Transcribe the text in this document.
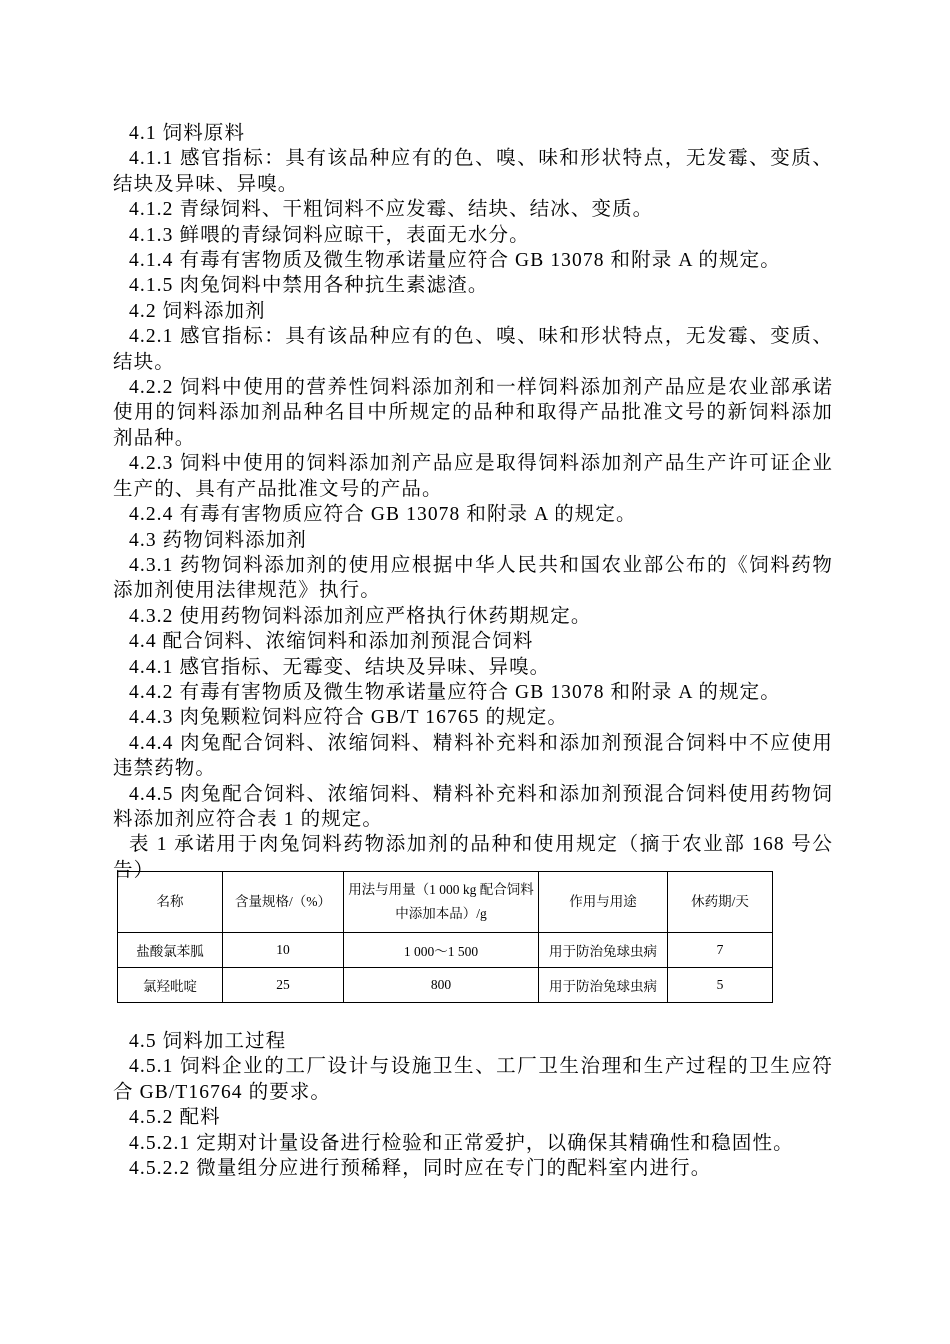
4.1 饲料原料

4.1.1 感官指标：具有该品种应有的色、嗅、味和形状特点，无发霉、变质、结块及异味、异嗅。

4.1.2 青绿饲料、干粗饲料不应发霉、结块、结冰、变质。

4.1.3 鲜喂的青绿饲料应晾干，表面无水分。

4.1.4 有毒有害物质及微生物承诺量应符合 GB 13078 和附录 A 的规定。

4.1.5 肉兔饲料中禁用各种抗生素滤渣。

4.2 饲料添加剂

4.2.1 感官指标：具有该品种应有的色、嗅、味和形状特点，无发霉、变质、结块。

4.2.2 饲料中使用的营养性饲料添加剂和一样饲料添加剂产品应是农业部承诺使用的饲料添加剂品种名目中所规定的品种和取得产品批准文号的新饲料添加剂品种。

4.2.3 饲料中使用的饲料添加剂产品应是取得饲料添加剂产品生产许可证企业生产的、具有产品批准文号的产品。

4.2.4 有毒有害物质应符合 GB 13078 和附录 A 的规定。

4.3 药物饲料添加剂

4.3.1 药物饲料添加剂的使用应根据中华人民共和国农业部公布的《饲料药物添加剂使用法律规范》执行。

4.3.2 使用药物饲料添加剂应严格执行休药期规定。

4.4 配合饲料、浓缩饲料和添加剂预混合饲料

4.4.1 感官指标、无霉变、结块及异味、异嗅。

4.4.2 有毒有害物质及微生物承诺量应符合 GB 13078 和附录 A 的规定。

4.4.3 肉兔颗粒饲料应符合 GB/T 16765 的规定。

4.4.4 肉兔配合饲料、浓缩饲料、精料补充料和添加剂预混合饲料中不应使用违禁药物。

4.4.5 肉兔配合饲料、浓缩饲料、精料补充料和添加剂预混合饲料使用药物饲料添加剂应符合表 1 的规定。

表 1 承诺用于肉兔饲料药物添加剂的品种和使用规定（摘于农业部 168 号公告）

名称	含量规格/（%）	用法与用量（1 000 kg 配合饲料中添加本品）/g	作用与用途	休药期/天
盐酸氯苯胍	10	1 000～1 500	用于防治兔球虫病	7
氯羟吡啶	25	800	用于防治兔球虫病	5

4.5 饲料加工过程

4.5.1 饲料企业的工厂设计与设施卫生、工厂卫生治理和生产过程的卫生应符合 GB/T16764 的要求。

4.5.2 配料

4.5.2.1 定期对计量设备进行检验和正常爱护，以确保其精确性和稳固性。

4.5.2.2 微量组分应进行预稀释，同时应在专门的配料室内进行。
